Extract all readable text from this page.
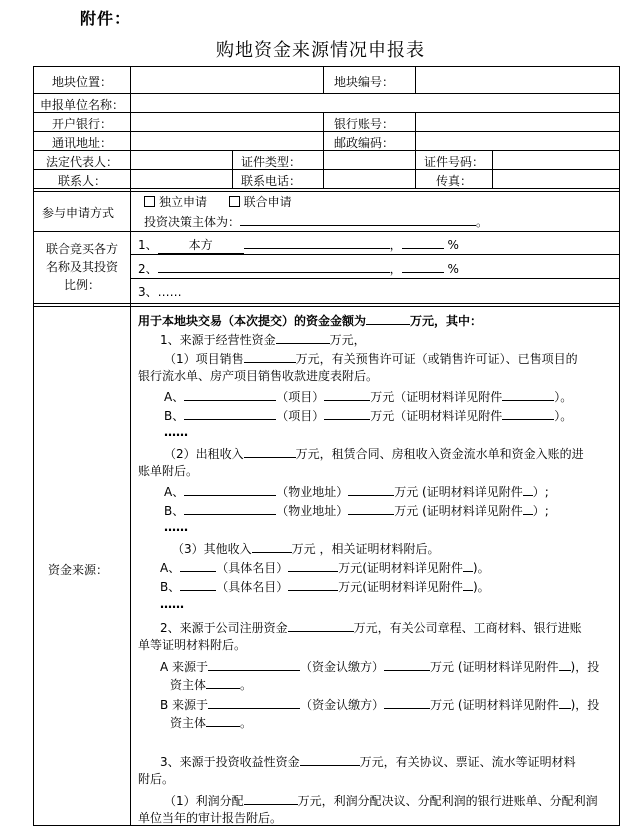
附件：
购地资金来源情况申报表
地块位置：	地块编号：
申报单位名称：
开户银行：	银行账号：
通讯地址：	邮政编码：
法定代表人：	证件类型：	证件号码：
联系人：	联系电话：	传真：
参与申请方式
独立申请	联合申请
投资决策主体为：	。
联合竞买各方
名称及其投资
比例：
1、	本方	，	%
2、	，	%
3、……
资金来源：
用于本地块交易（本次提交）的资金金额为	万元，其中：
1、来源于经营性资金	万元，
（1）项目销售	万元，有关预售许可证（或销售许可证）、已售项目的
银行流水单、房产项目销售收款进度表附后。
A、	（项目）	万元（证明材料详见附件	）。
B、	（项目）	万元（证明材料详见附件	）。
……
（2）出租收入	万元，租赁合同、房租收入资金流水单和资金入账的进
账单附后。
A、	（物业地址）	万元 (证明材料详见附件 ）;
B、	（物业地址）	万元 (证明材料详见附件 ）;
……
（3）其他收入	万元 ，相关证明材料附后。
A、	（具体名目）	万元(证明材料详见附件 )。
B、	（具体名目）	万元(证明材料详见附件 )。
……
2、来源于公司注册资金	万元，有关公司章程、工商材料、银行进账
单等证明材料附后。
A 来源于	（资金认缴方）	万元 (证明材料详见附件 )，投
资主体	。
B 来源于	（资金认缴方）	万元 (证明材料详见附件 )，投
资主体	。
3、来源于投资收益性资金	万元，有关协议、票证、流水等证明材料
附后。
（1）利润分配	万元，利润分配决议、分配利润的银行进账单、分配利润
单位当年的审计报告附后。
